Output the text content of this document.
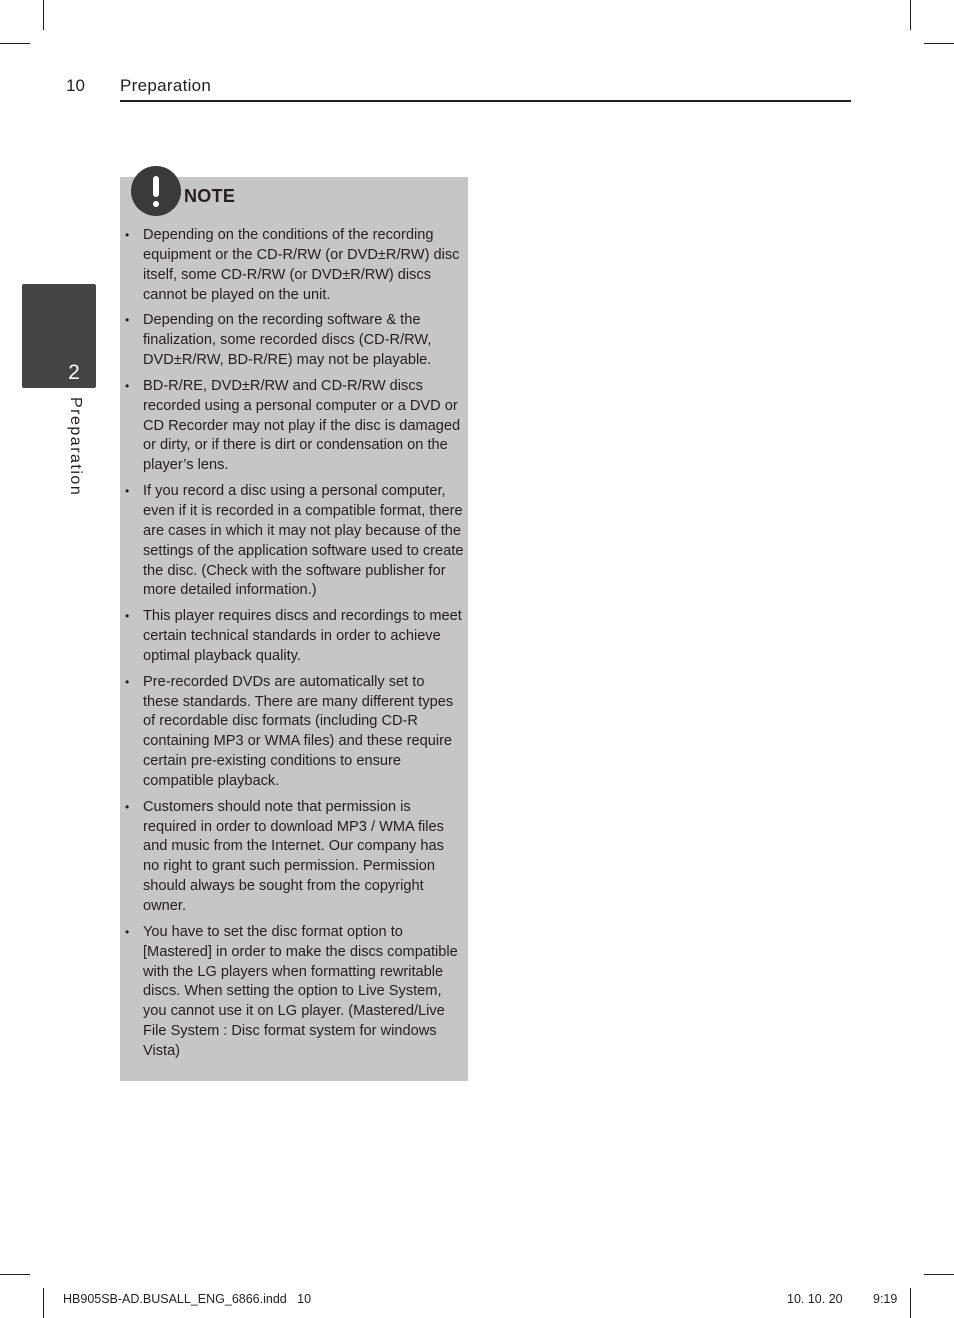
10 Preparation
2
Preparation
NOTE
• Depending on the conditions of the recording equipment or the CD-R/RW (or DVD±R/RW) disc itself, some CD-R/RW (or DVD±R/RW) discs cannot be played on the unit.
• Depending on the recording software & the finalization, some recorded discs (CD-R/RW, DVD±R/RW, BD-R/RE) may not be playable.
• BD-R/RE, DVD±R/RW and CD-R/RW discs recorded using a personal computer or a DVD or CD Recorder may not play if the disc is damaged or dirty, or if there is dirt or condensation on the player’s lens.
• If you record a disc using a personal computer, even if it is recorded in a compatible format, there are cases in which it may not play because of the settings of the application software used to create the disc. (Check with the software publisher for more detailed information.)
• This player requires discs and recordings to meet certain technical standards in order to achieve optimal playback quality.
• Pre-recorded DVDs are automatically set to these standards. There are many different types of recordable disc formats (including CD-R containing MP3 or WMA files) and these require certain pre-existing conditions to ensure compatible playback.
• Customers should note that permission is required in order to download MP3 / WMA files and music from the Internet. Our company has no right to grant such permission. Permission should always be sought from the copyright owner.
• You have to set the disc format option to [Mastered] in order to make the discs compatible with the LG players when formatting rewritable discs. When setting the option to Live System, you cannot use it on LG player. (Mastered/Live File System : Disc format system for windows Vista)
HB905SB-AD.BUSALL_ENG_6866.indd   10	10. 10. 20 9:19
